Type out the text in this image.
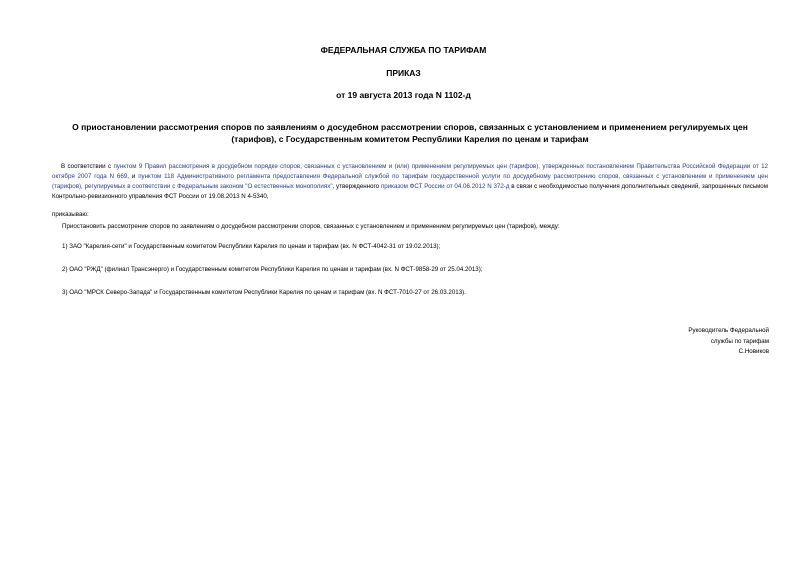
ФЕДЕРАЛЬНАЯ СЛУЖБА ПО ТАРИФАМ
ПРИКАЗ
от 19 августа 2013 года N 1102-д
О приостановлении рассмотрения споров по заявлениям о досудебном рассмотрении споров, связанных с установлением и применением регулируемых цен (тарифов), с Государственным комитетом Республики Карелия по ценам и тарифам
В соответствии с пунктом 9 Правил рассмотрения в досудебном порядке споров, связанных с установлением и (или) применением регулируемых цен (тарифов), утвержденных постановлением Правительства Российской Федерации от 12 октября 2007 года N 669, и пунктом 118 Административного регламента предоставления Федеральной службой по тарифам государственной услуги по досудебному рассмотрению споров, связанных с установлением и применением цен (тарифов), регулируемых в соответствии с Федеральным законом "О естественных монополиях", утвержденного приказом ФСТ России от 04.06.2012 N 372-д в связи с необходимостью получения дополнительных сведений, запрошенных письмом Контрольно-ревизионного управления ФСТ России от 19.08.2013 N 4-5340,
приказываю:
Приостановить рассмотрение споров по заявлениям о досудебном рассмотрении споров, связанных с установлением и применением регулируемых цен (тарифов), между:
1) ЗАО "Карелия-сети" и Государственным комитетом Республики Карелия по ценам и тарифам (вх. N ФСТ-4042-31 от 19.02.2013);
2) ОАО "РЖД" (филиал Трансэнерго) и Государственным комитетом Республики Карелия по ценам и тарифам (вх. N ФСТ-9858-29 от 25.04.2013);
3) ОАО "МРСК Северо-Запада" и Государственным комитетом Республики Карелия по ценам и тарифам (вх. N ФСТ-7010-27 от 26.03.2013).
Руководитель Федеральной
службы по тарифам
С.Новиков
